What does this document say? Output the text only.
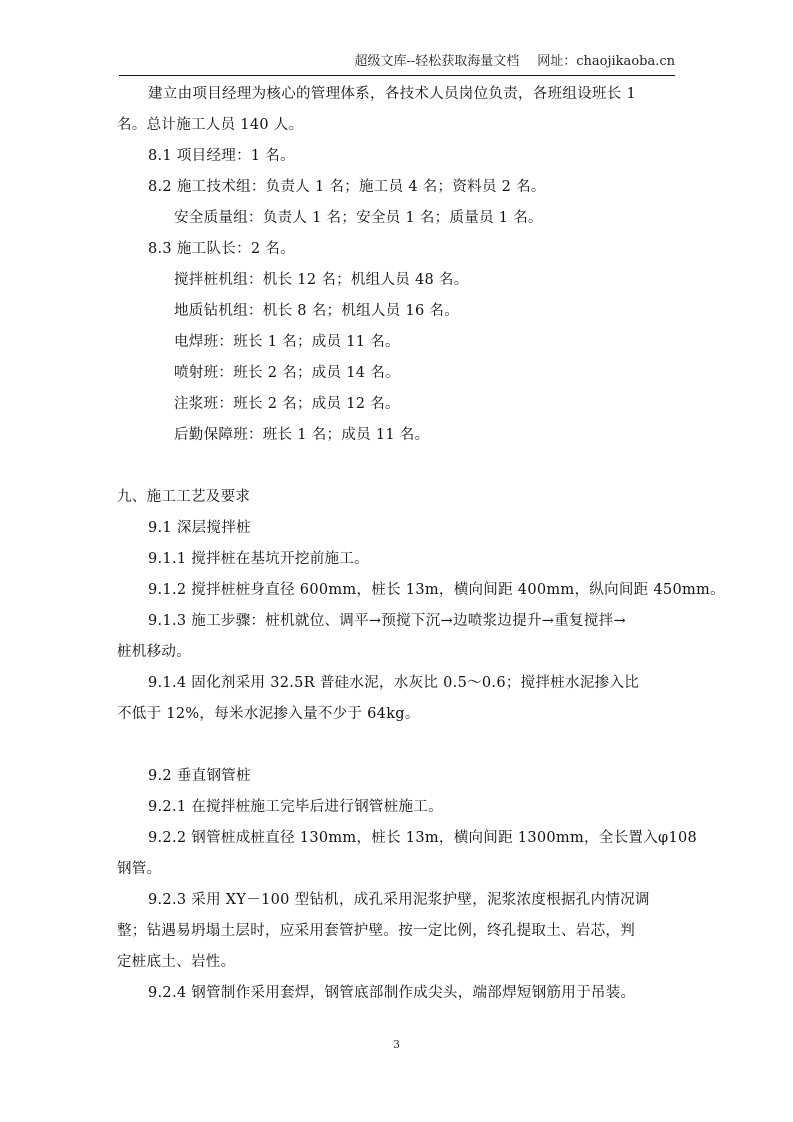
超级文库--轻松获取海量文档 网址：chaojikaoba.cn
建立由项目经理为核心的管理体系，各技术人员岗位负责，各班组设班长 1
名。总计施工人员 140 人。
8.1 项目经理：1 名。
8.2 施工技术组：负责人 1 名；施工员 4 名；资料员 2 名。
安全质量组：负责人 1 名；安全员 1 名；质量员 1 名。
8.3 施工队长：2 名。
搅拌桩机组：机长 12 名；机组人员 48 名。
地质钻机组：机长 8 名；机组人员 16 名。
电焊班：班长 1 名；成员 11 名。
喷射班：班长 2 名；成员 14 名。
注浆班：班长 2 名；成员 12 名。
后勤保障班：班长 1 名；成员 11 名。
九、施工工艺及要求
9.1 深层搅拌桩
9.1.1 搅拌桩在基坑开挖前施工。
9.1.2 搅拌桩桩身直径 600mm，桩长 13m，横向间距 400mm，纵向间距 450mm。
9.1.3 施工步骤：桩机就位、调平→预搅下沉→边喷浆边提升→重复搅拌→
桩机移动。
9.1.4 固化剂采用 32.5R 普硅水泥，水灰比 0.5～0.6；搅拌桩水泥掺入比
不低于 12%，每米水泥掺入量不少于 64kg。
9.2 垂直钢管桩
9.2.1 在搅拌桩施工完毕后进行钢管桩施工。
9.2.2 钢管桩成桩直径 130mm，桩长 13m，横向间距 1300mm，全长置入φ108
钢管。
9.2.3 采用 XY－100 型钻机，成孔采用泥浆护壁，泥浆浓度根据孔内情况调
整；钻遇易坍塌土层时，应采用套管护壁。按一定比例，终孔提取土、岩芯，判
定桩底土、岩性。
9.2.4 钢管制作采用套焊，钢管底部制作成尖头，端部焊短钢筋用于吊装。
3
